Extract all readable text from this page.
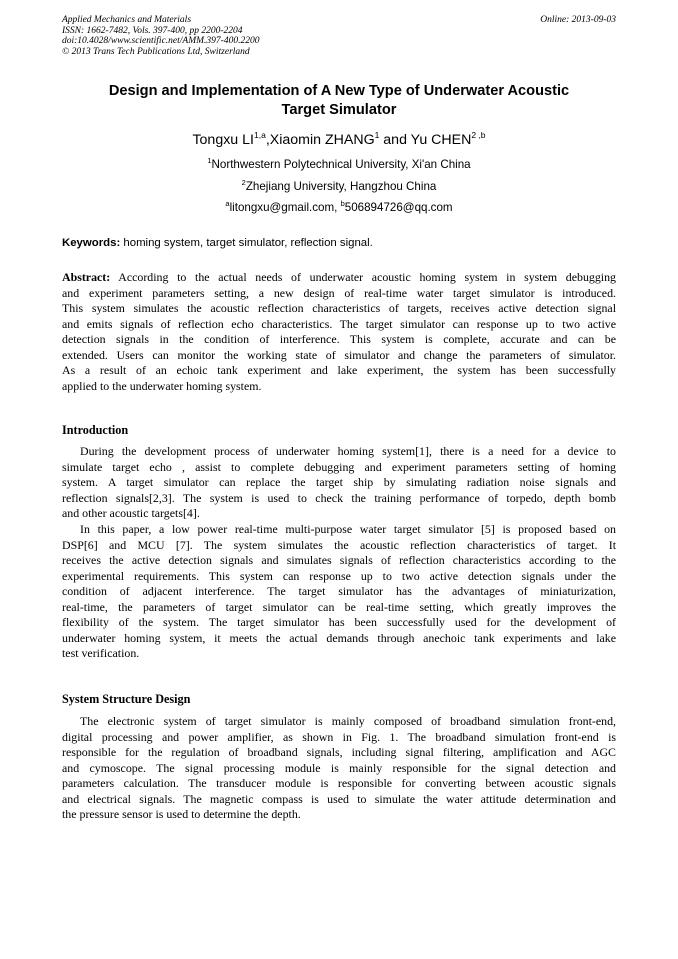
Applied Mechanics and Materials
ISSN: 1662-7482, Vols. 397-400, pp 2200-2204
doi:10.4028/www.scientific.net/AMM.397-400.2200
© 2013 Trans Tech Publications Ltd, Switzerland
Online: 2013-09-03
Design and Implementation of A New Type of Underwater Acoustic
Target Simulator
Tongxu LI$^{1,a}$,Xiaomin ZHANG$^1$ and Yu CHEN$^{2 ,b}$
$^1$Northwestern Polytechnical University, Xi'an China
$^2$Zhejiang University, Hangzhou China
$^a$litongxu@gmail.com, $^b$506894726@qq.com
Keywords: homing system, target simulator, reflection signal.
Abstract: According to the actual needs of underwater acoustic homing system in system debugging
and experiment parameters setting, a new design of real-time water target simulator is introduced.
This system simulates the acoustic reflection characteristics of targets, receives active detection signal
and emits signals of reflection echo characteristics. The target simulator can response up to two active
detection signals in the condition of interference. This system is complete, accurate and can be
extended. Users can monitor the working state of simulator and change the parameters of simulator.
As a result of an echoic tank experiment and lake experiment, the system has been successfully
applied to the underwater homing system.
Introduction
During the development process of underwater homing system[1], there is a need for a device to
simulate target echo , assist to complete debugging and experiment parameters setting of homing
system. A target simulator can replace the target ship by simulating radiation noise signals and
reflection signals[2,3]. The system is used to check the training performance of torpedo, depth bomb
and other acoustic targets[4].
In this paper, a low power real-time multi-purpose water target simulator [5] is proposed based on
DSP[6] and MCU [7]. The system simulates the acoustic reflection characteristics of target. It
receives the active detection signals and simulates signals of reflection characteristics according to the
experimental requirements. This system can response up to two active detection signals under the
condition of adjacent interference. The target simulator has the advantages of miniaturization,
real-time, the parameters of target simulator can be real-time setting, which greatly improves the
flexibility of the system. The target simulator has been successfully used for the development of
underwater homing system, it meets the actual demands through anechoic tank experiments and lake
test verification.
System Structure Design
The electronic system of target simulator is mainly composed of broadband simulation front-end,
digital processing and power amplifier, as shown in Fig. 1. The broadband simulation front-end is
responsible for the regulation of broadband signals, including signal filtering, amplification and AGC
and cymoscope. The signal processing module is mainly responsible for the signal detection and
parameters calculation. The transducer module is responsible for converting between acoustic signals
and electrical signals. The magnetic compass is used to simulate the water attitude determination and
the pressure sensor is used to determine the depth.
